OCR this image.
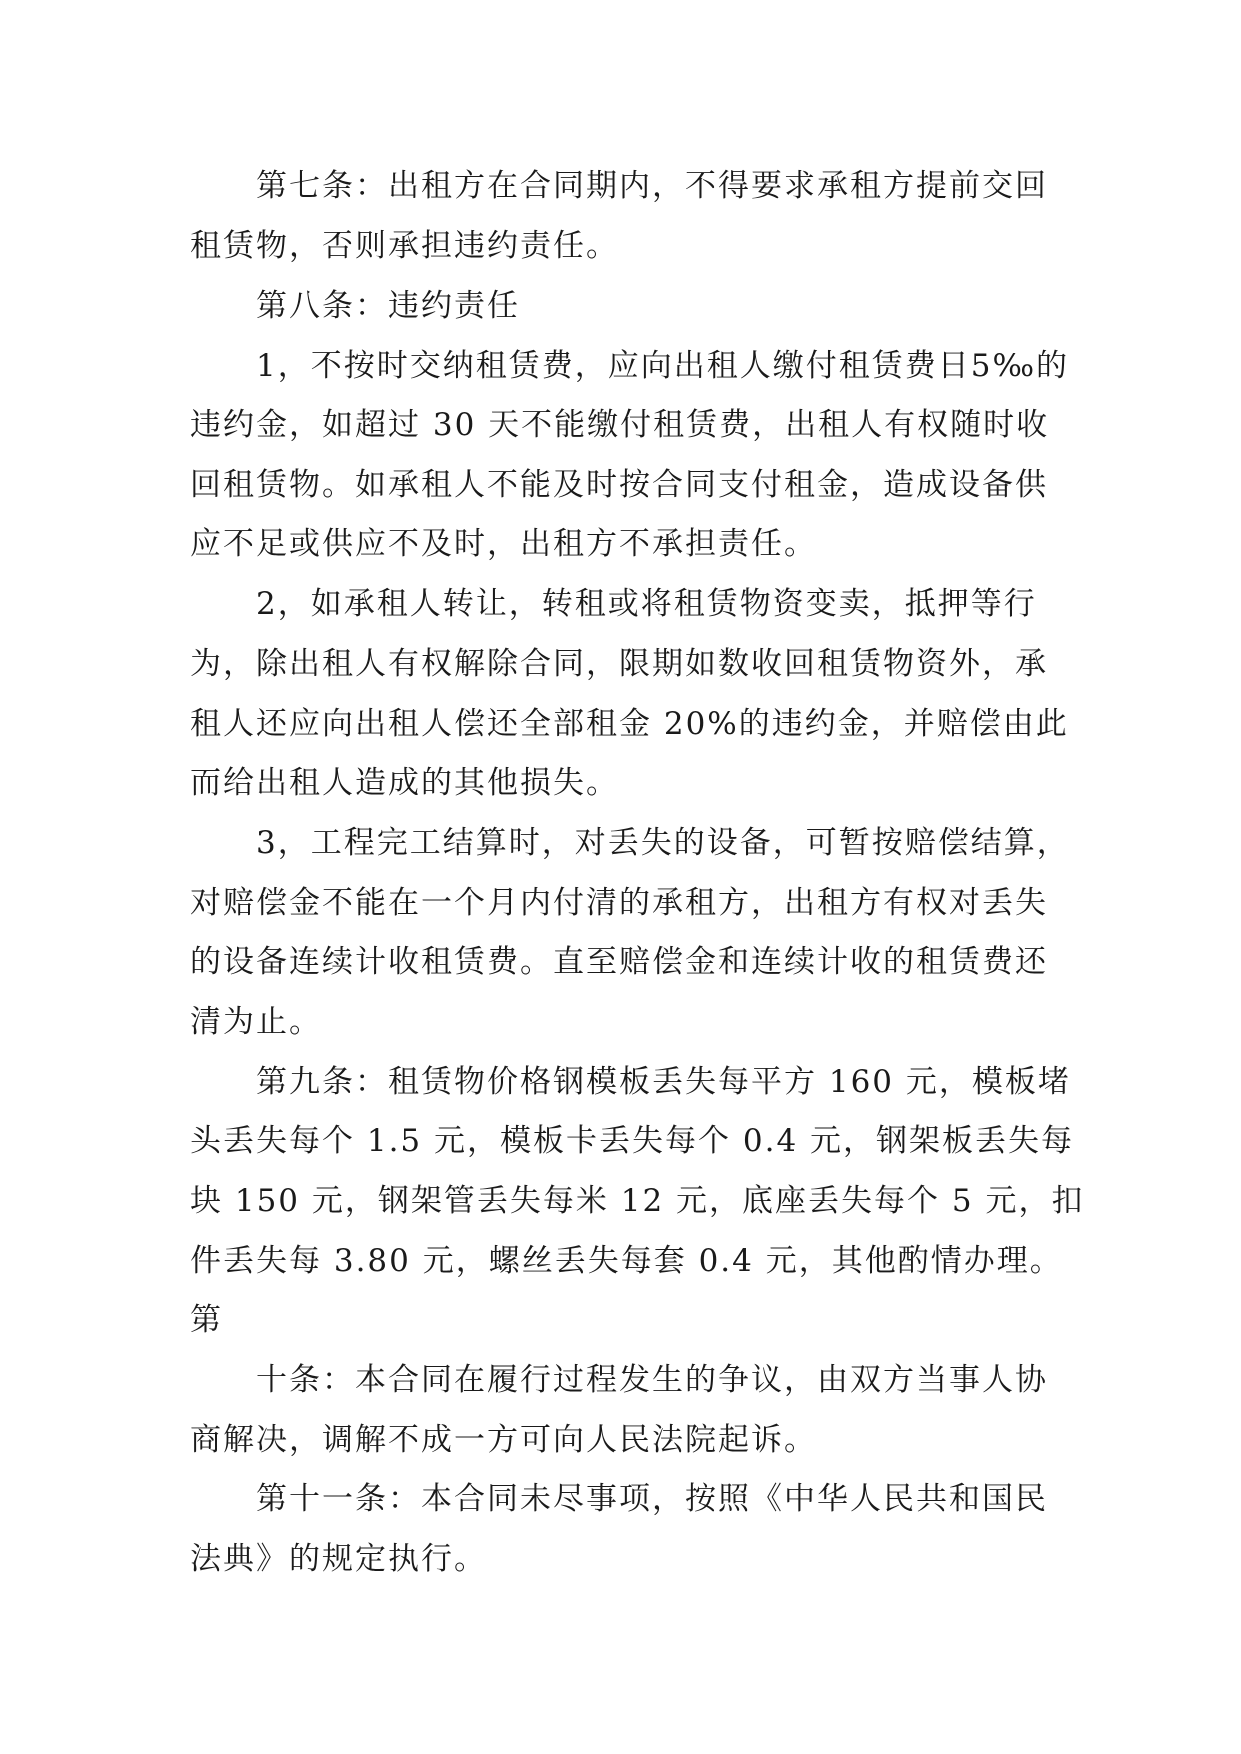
第七条：出租方在合同期内，不得要求承租方提前交回
租赁物，否则承担违约责任。
第八条：违约责任
1，不按时交纳租赁费，应向出租人缴付租赁费日5‰的
违约金，如超过 30 天不能缴付租赁费，出租人有权随时收
回租赁物。如承租人不能及时按合同支付租金，造成设备供
应不足或供应不及时，出租方不承担责任。
2，如承租人转让，转租或将租赁物资变卖，抵押等行
为，除出租人有权解除合同，限期如数收回租赁物资外，承
租人还应向出租人偿还全部租金 20%的违约金，并赔偿由此
而给出租人造成的其他损失。
3，工程完工结算时，对丢失的设备，可暂按赔偿结算，
对赔偿金不能在一个月内付清的承租方，出租方有权对丢失
的设备连续计收租赁费。直至赔偿金和连续计收的租赁费还
清为止。
第九条：租赁物价格钢模板丢失每平方 160 元，模板堵
头丢失每个 1.5 元，模板卡丢失每个 0.4 元，钢架板丢失每
块 150 元，钢架管丢失每米 12 元，底座丢失每个 5 元，扣
件丢失每 3.80 元，螺丝丢失每套 0.4 元，其他酌情办理。
第
十条：本合同在履行过程发生的争议，由双方当事人协
商解决，调解不成一方可向人民法院起诉。
第十一条：本合同未尽事项，按照《中华人民共和国民
法典》的规定执行。
